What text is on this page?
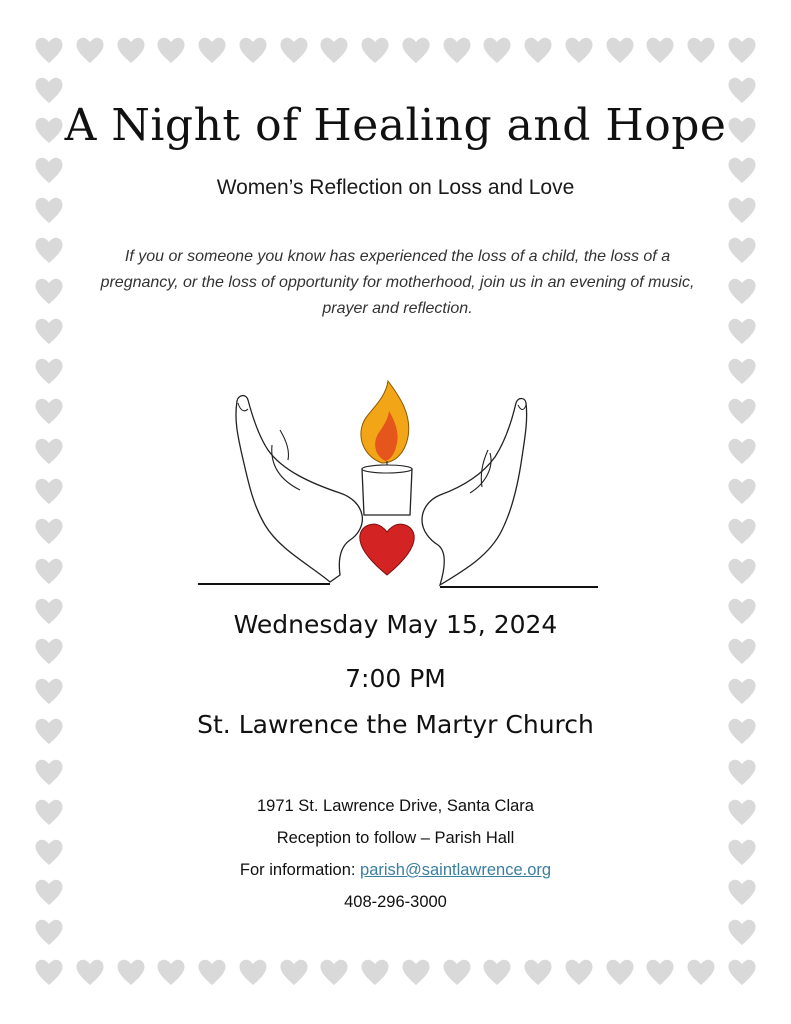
A Night of Healing and Hope
Women’s Reflection on Loss and Love
If you or someone you know has experienced the loss of a child, the loss of a pregnancy, or the loss of opportunity for motherhood, join us in an evening of music, prayer and reflection.
Wednesday May 15, 2024
7:00 PM
St. Lawrence the Martyr Church
1971 St. Lawrence Drive, Santa Clara
Reception to follow – Parish Hall
For information: parish@saintlawrence.org
408-296-3000
